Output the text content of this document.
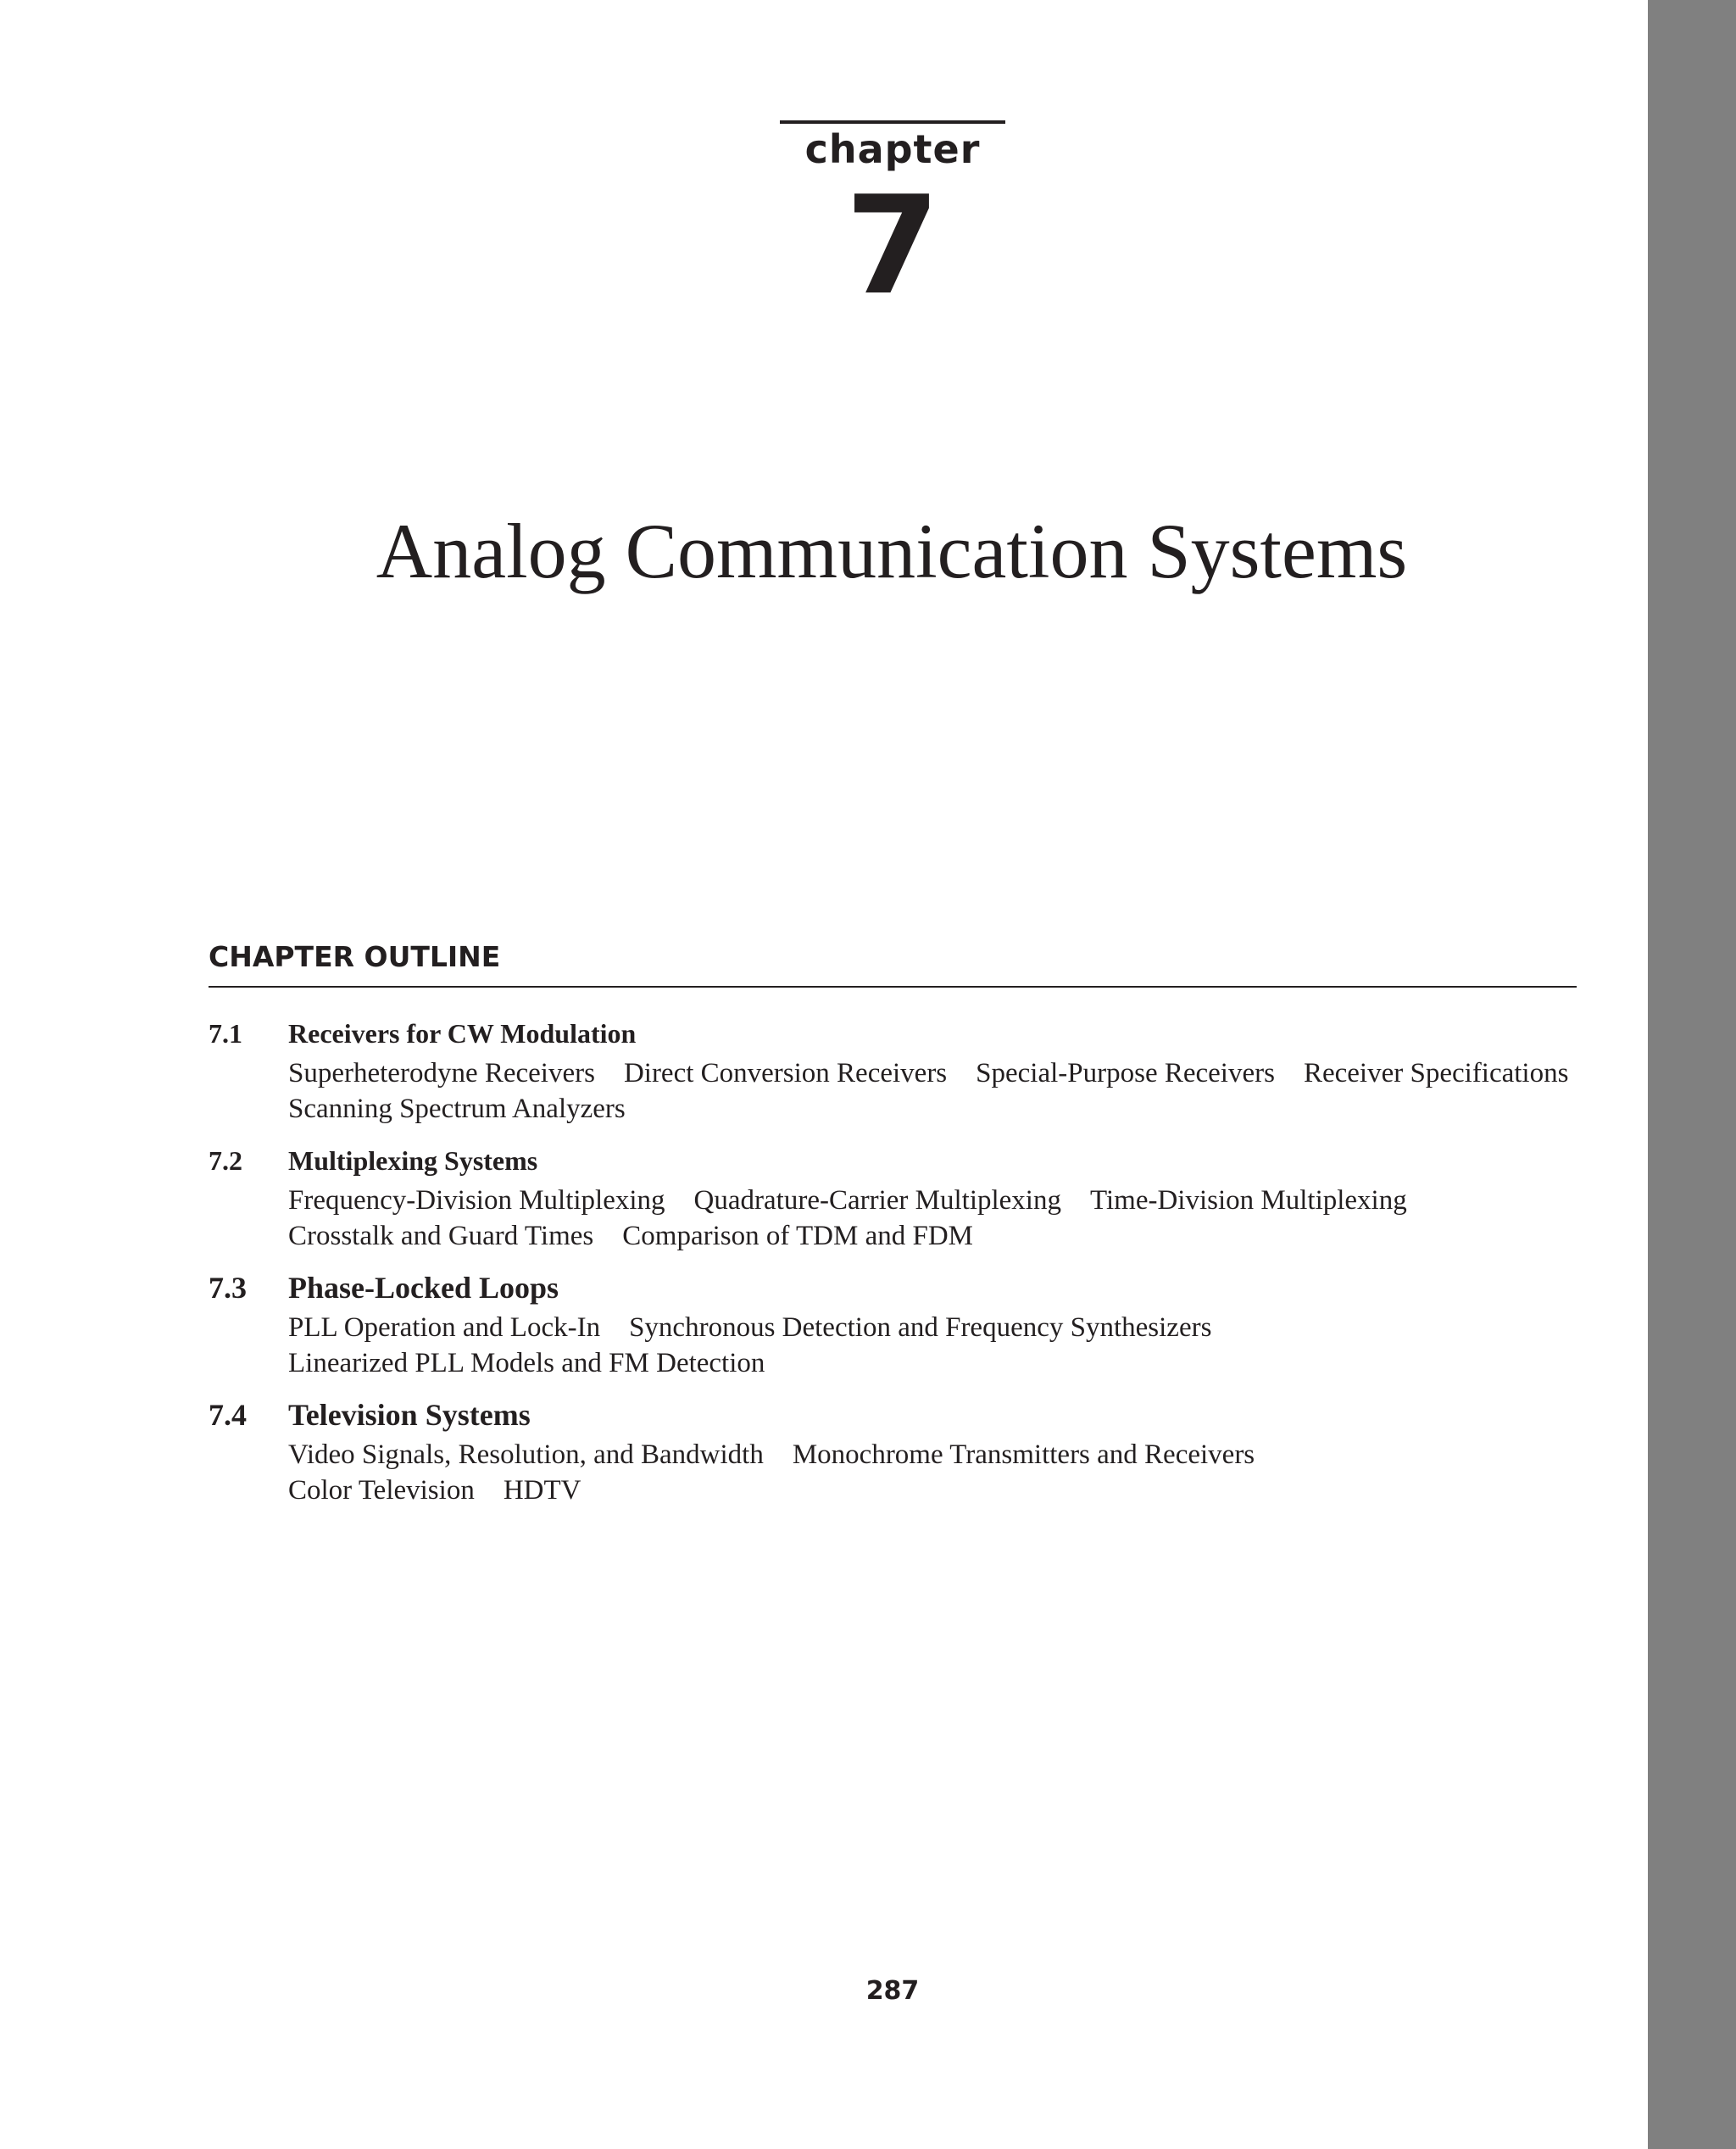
chapter
7
Analog Communication Systems
CHAPTER OUTLINE
7.1 Receivers for CW Modulation
Superheterodyne Receivers Direct Conversion Receivers Special-Purpose Receivers Receiver Specifications
Scanning Spectrum Analyzers
7.2 Multiplexing Systems
Frequency-Division Multiplexing Quadrature-Carrier Multiplexing Time-Division Multiplexing
Crosstalk and Guard Times Comparison of TDM and FDM
7.3 Phase-Locked Loops
PLL Operation and Lock-In Synchronous Detection and Frequency Synthesizers
Linearized PLL Models and FM Detection
7.4 Television Systems
Video Signals, Resolution, and Bandwidth Monochrome Transmitters and Receivers
Color Television HDTV
287
